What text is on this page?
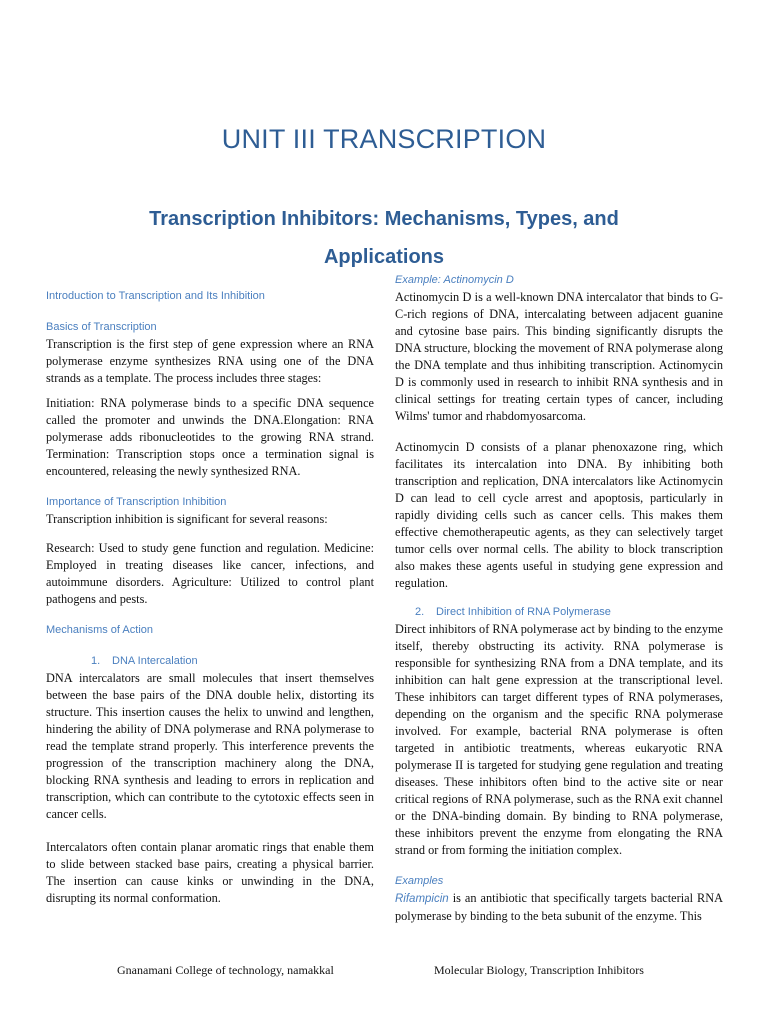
UNIT III TRANSCRIPTION
Transcription Inhibitors: Mechanisms, Types, and Applications
Introduction to Transcription and Its Inhibition
Basics of Transcription

Transcription is the first step of gene expression where an RNA polymerase enzyme synthesizes RNA using one of the DNA strands as a template. The process includes three stages:

Initiation: RNA polymerase binds to a specific DNA sequence called the promoter and unwinds the DNA.Elongation: RNA polymerase adds ribonucleotides to the growing RNA strand. Termination: Transcription stops once a termination signal is encountered, releasing the newly synthesized RNA.

Importance of Transcription Inhibition

Transcription inhibition is significant for several reasons:

Research: Used to study gene function and regulation. Medicine: Employed in treating diseases like cancer, infections, and autoimmune disorders. Agriculture: Utilized to control plant pathogens and pests.

Mechanisms of Action
1. DNA Intercalation

DNA intercalators are small molecules that insert themselves between the base pairs of the DNA double helix, distorting its structure. This insertion causes the helix to unwind and lengthen, hindering the ability of DNA polymerase and RNA polymerase to read the template strand properly. This interference prevents the progression of the transcription machinery along the DNA, blocking RNA synthesis and leading to errors in replication and transcription, which can contribute to the cytotoxic effects seen in cancer cells.

Intercalators often contain planar aromatic rings that enable them to slide between stacked base pairs, creating a physical barrier. The insertion can cause kinks or unwinding in the DNA, disrupting its normal conformation.

Example: Actinomycin D

Actinomycin D is a well-known DNA intercalator that binds to G-C-rich regions of DNA, intercalating between adjacent guanine and cytosine base pairs. This binding significantly disrupts the DNA structure, blocking the movement of RNA polymerase along the DNA template and thus inhibiting transcription. Actinomycin D is commonly used in research to inhibit RNA synthesis and in clinical settings for treating certain types of cancer, including Wilms' tumor and rhabdomyosarcoma.

Actinomycin D consists of a planar phenoxazone ring, which facilitates its intercalation into DNA. By inhibiting both transcription and replication, DNA intercalators like Actinomycin D can lead to cell cycle arrest and apoptosis, particularly in rapidly dividing cells such as cancer cells. This makes them effective chemotherapeutic agents, as they can selectively target tumor cells over normal cells. The ability to block transcription also makes these agents useful in studying gene expression and regulation.

2. Direct Inhibition of RNA Polymerase

Direct inhibitors of RNA polymerase act by binding to the enzyme itself, thereby obstructing its activity. RNA polymerase is responsible for synthesizing RNA from a DNA template, and its inhibition can halt gene expression at the transcriptional level. These inhibitors can target different types of RNA polymerases, depending on the organism and the specific RNA polymerase involved. For example, bacterial RNA polymerase is often targeted in antibiotic treatments, whereas eukaryotic RNA polymerase II is targeted for studying gene regulation and treating diseases. These inhibitors often bind to the active site or near critical regions of RNA polymerase, such as the RNA exit channel or the DNA-binding domain. By binding to RNA polymerase, these inhibitors prevent the enzyme from elongating the RNA strand or from forming the initiation complex.

Examples

Rifampicin is an antibiotic that specifically targets bacterial RNA polymerase by binding to the beta subunit of the enzyme. This

Gnanamani College of technology, namakkal	Molecular Biology, Transcription Inhibitors
